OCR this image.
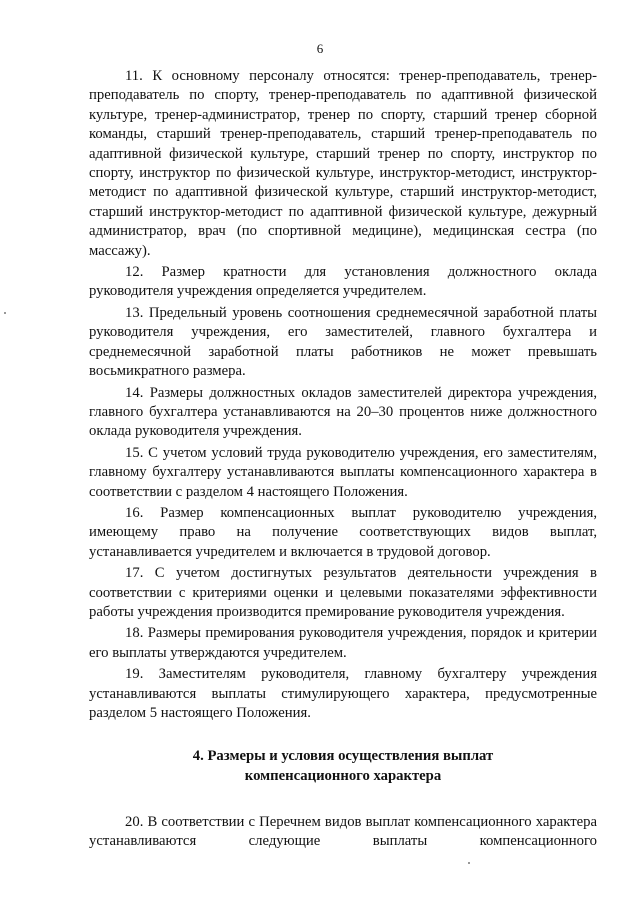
6

11. К основному персоналу относятся: тренер-преподаватель, тренер-преподаватель по спорту, тренер-преподаватель по адаптивной физической культуре, тренер-администратор, тренер по спорту, старший тренер сборной команды, старший тренер-преподаватель, старший тренер-преподаватель по адаптивной физической культуре, старший тренер по спорту, инструктор по спорту, инструктор по физической культуре, инструктор-методист, инструктор-методист по адаптивной физической культуре, старший инструктор-методист, старший инструктор-методист по адаптивной физической культуре, дежурный администратор, врач (по спортивной медицине), медицинская сестра (по массажу).

12. Размер кратности для установления должностного оклада руководителя учреждения определяется учредителем.

13. Предельный уровень соотношения среднемесячной заработной платы руководителя учреждения, его заместителей, главного бухгалтера и среднемесячной заработной платы работников не может превышать восьмикратного размера.

14. Размеры должностных окладов заместителей директора учреждения, главного бухгалтера устанавливаются на 20–30 процентов ниже должностного оклада руководителя учреждения.

15. С учетом условий труда руководителю учреждения, его заместителям, главному бухгалтеру устанавливаются выплаты компенсационного характера в соответствии с разделом 4 настоящего Положения.

16. Размер компенсационных выплат руководителю учреждения, имеющему право на получение соответствующих видов выплат, устанавливается учредителем и включается в трудовой договор.

17. С учетом достигнутых результатов деятельности учреждения в соответствии с критериями оценки и целевыми показателями эффективности работы учреждения производится премирование руководителя учреждения.

18. Размеры премирования руководителя учреждения, порядок и критерии его выплаты утверждаются учредителем.

19. Заместителям руководителя, главному бухгалтеру учреждения устанавливаются выплаты стимулирующего характера, предусмотренные разделом 5 настоящего Положения.

4. Размеры и условия осуществления выплат
компенсационного характера

20. В соответствии с Перечнем видов выплат компенсационного характера устанавливаются следующие выплаты компенсационного
